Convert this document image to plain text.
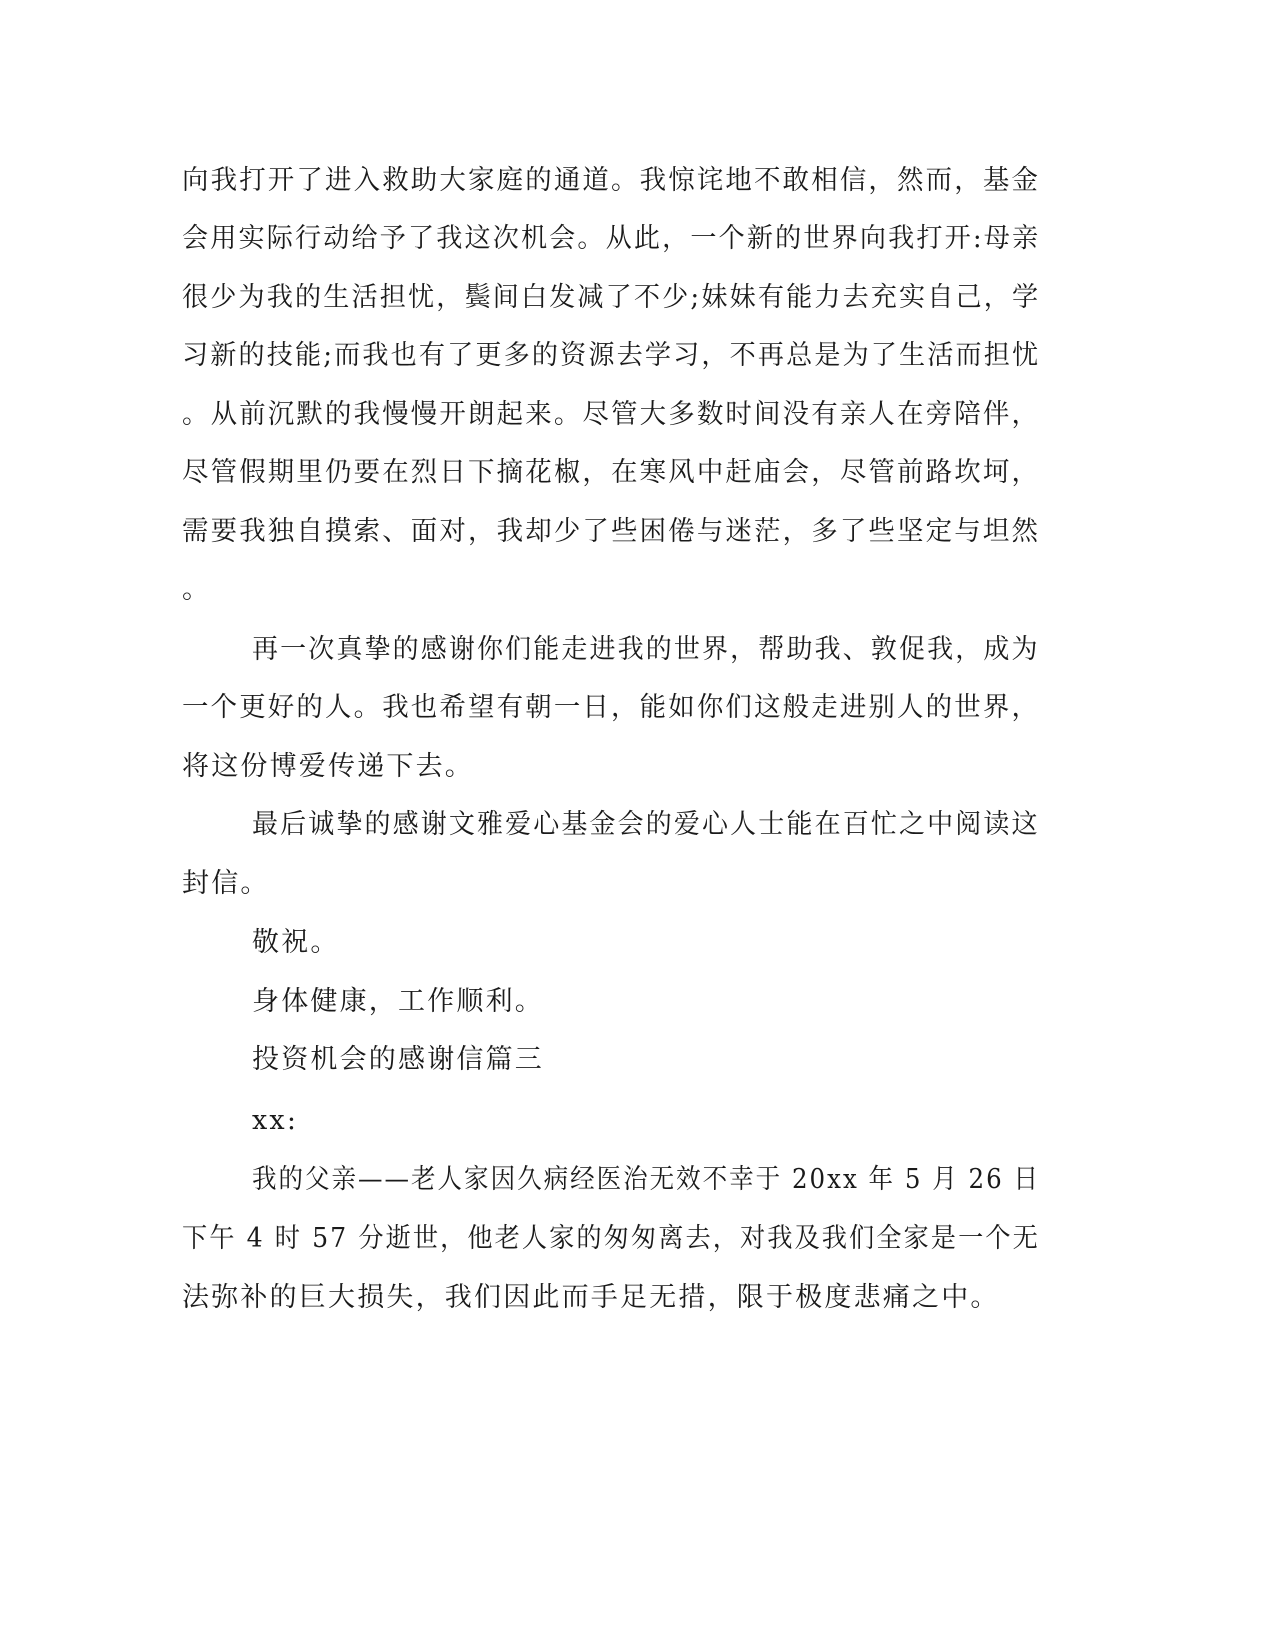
向我打开了进入救助大家庭的通道。我惊诧地不敢相信，然而，基金
会用实际行动给予了我这次机会。从此，一个新的世界向我打开:母亲
很少为我的生活担忧，鬓间白发减了不少;妹妹有能力去充实自己，学
习新的技能;而我也有了更多的资源去学习，不再总是为了生活而担忧
。从前沉默的我慢慢开朗起来。尽管大多数时间没有亲人在旁陪伴，
尽管假期里仍要在烈日下摘花椒，在寒风中赶庙会，尽管前路坎坷，
需要我独自摸索、面对，我却少了些困倦与迷茫，多了些坚定与坦然
。
再一次真挚的感谢你们能走进我的世界，帮助我、敦促我，成为
一个更好的人。我也希望有朝一日，能如你们这般走进别人的世界，
将这份博爱传递下去。
最后诚挚的感谢文雅爱心基金会的爱心人士能在百忙之中阅读这
封信。
敬祝。
身体健康，工作顺利。
投资机会的感谢信篇三
xx:
我的父亲——老人家因久病经医治无效不幸于 20xx 年 5 月 26 日
下午 4 时 57 分逝世，他老人家的匆匆离去，对我及我们全家是一个无
法弥补的巨大损失，我们因此而手足无措，限于极度悲痛之中。
